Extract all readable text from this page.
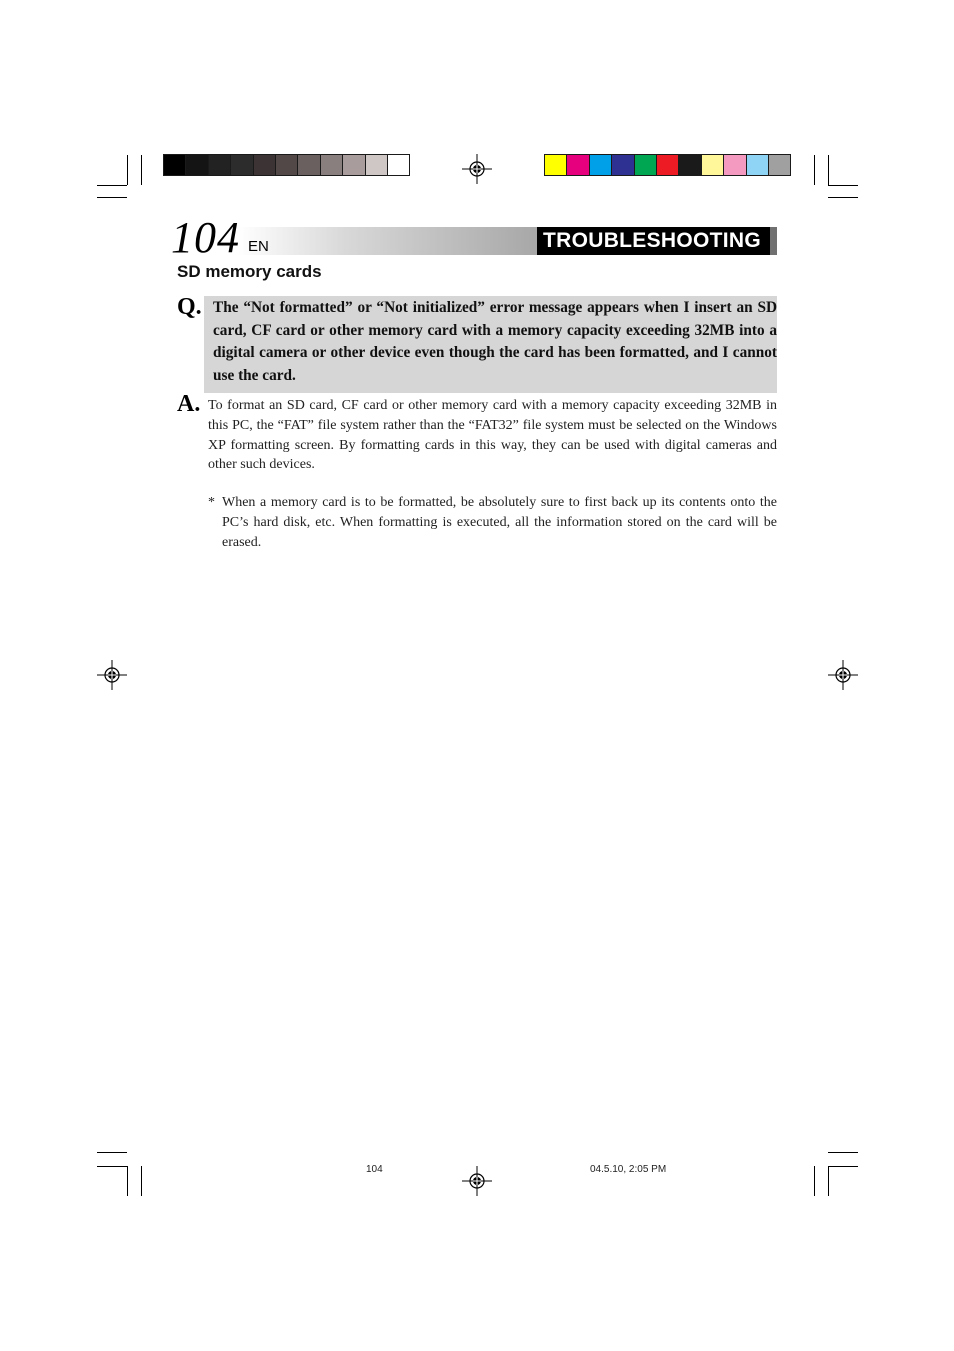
TROUBLESHOOTING
104 EN
SD memory cards
Q. The “Not formatted” or “Not initialized” error message appears when I insert an SD card, CF card or other memory card with a memory capacity exceeding 32MB into a digital camera or other device even though the card has been formatted, and I cannot use the card.
A. To format an SD card, CF card or other memory card with a memory capacity exceeding 32MB in this PC, the “FAT” file system rather than the “FAT32” file system must be selected on the Windows XP formatting screen. By formatting cards in this way, they can be used with digital cameras and other such devices.
* When a memory card is to be formatted, be absolutely sure to first back up its contents onto the PC’s hard disk, etc. When formatting is executed, all the information stored on the card will be erased.
104	04.5.10, 2:05 PM
